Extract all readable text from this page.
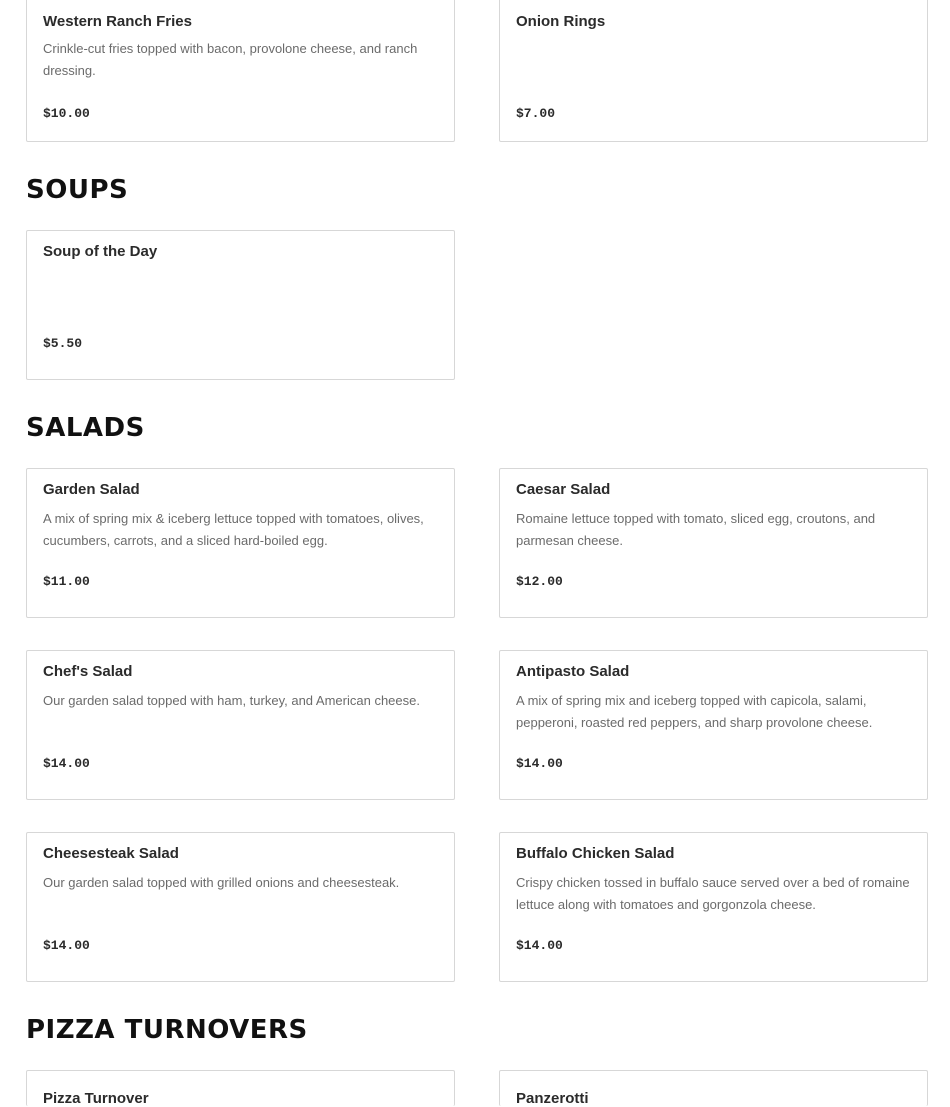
SOUPS
SALADS
PIZZA TURNOVERS
Western Ranch Fries
Crinkle-cut fries topped with bacon, provolone cheese, and ranch dressing.
$10.00
Onion Rings
$7.00
Soup of the Day
$5.50
Garden Salad
A mix of spring mix & iceberg lettuce topped with tomatoes, olives, cucumbers, carrots, and a sliced hard-boiled egg.
$11.00
Caesar Salad
Romaine lettuce topped with tomato, sliced egg, croutons, and parmesan cheese.
$12.00
Chef's Salad
Our garden salad topped with ham, turkey, and American cheese.
$14.00
Antipasto Salad
A mix of spring mix and iceberg topped with capicola, salami, pepperoni, roasted red peppers, and sharp provolone cheese.
$14.00
Cheesesteak Salad
Our garden salad topped with grilled onions and cheesesteak.
$14.00
Buffalo Chicken Salad
Crispy chicken tossed in buffalo sauce served over a bed of romaine lettuce along with tomatoes and gorgonzola cheese.
$14.00
Pizza Turnover	Panzerotti
